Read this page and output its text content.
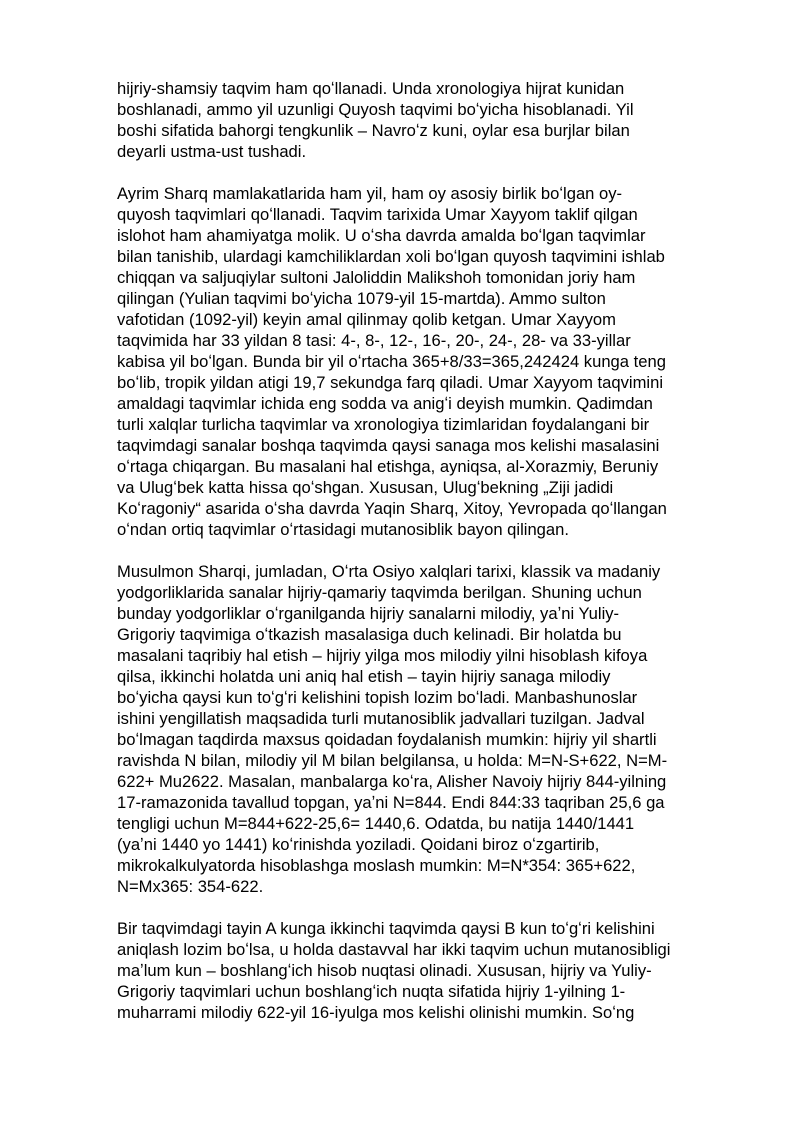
hijriy-shamsiy taqvim ham qoʻllanadi. Unda xronologiya hijrat kunidan
boshlanadi, ammo yil uzunligi Quyosh taqvimi boʻyicha hisoblanadi. Yil
boshi sifatida bahorgi tengkunlik – Navroʻz kuni, oylar esa burjlar bilan
deyarli ustma-ust tushadi.

Ayrim Sharq mamlakatlarida ham yil, ham oy asosiy birlik boʻlgan oy-
quyosh taqvimlari qoʻllanadi. Taqvim tarixida Umar Xayyom taklif qilgan
islohot ham ahamiyatga molik. U oʻsha davrda amalda boʻlgan taqvimlar
bilan tanishib, ulardagi kamchiliklardan xoli boʻlgan quyosh taqvimini ishlab
chiqqan va saljuqiylar sultoni Jaloliddin Malikshoh tomonidan joriy ham
qilingan (Yulian taqvimi boʻyicha 1079-yil 15-martda). Ammo sulton
vafotidan (1092-yil) keyin amal qilinmay qolib ketgan. Umar Xayyom
taqvimida har 33 yildan 8 tasi: 4-, 8-, 12-, 16-, 20-, 24-, 28- va 33-yillar
kabisa yil boʻlgan. Bunda bir yil oʻrtacha 365+8/33=365,242424 kunga teng
boʻlib, tropik yildan atigi 19,7 sekundga farq qiladi. Umar Xayyom taqvimini
amaldagi taqvimlar ichida eng sodda va anigʻi deyish mumkin. Qadimdan
turli xalqlar turlicha taqvimlar va xronologiya tizimlaridan foydalangani bir
taqvimdagi sanalar boshqa taqvimda qaysi sanaga mos kelishi masalasini
oʻrtaga chiqargan. Bu masalani hal etishga, ayniqsa, al-Xorazmiy, Beruniy
va Ulugʻbek katta hissa qoʻshgan. Xususan, Ulugʻbekning „Ziji jadidi
Koʻragoniy“ asarida oʻsha davrda Yaqin Sharq, Xitoy, Yevropada qoʻllangan
oʻndan ortiq taqvimlar oʻrtasidagi mutanosiblik bayon qilingan.

Musulmon Sharqi, jumladan, Oʻrta Osiyo xalqlari tarixi, klassik va madaniy
yodgorliklarida sanalar hijriy-qamariy taqvimda berilgan. Shuning uchun
bunday yodgorliklar oʻrganilganda hijriy sanalarni milodiy, yaʼni Yuliy-
Grigoriy taqvimiga oʻtkazish masalasiga duch kelinadi. Bir holatda bu
masalani taqribiy hal etish – hijriy yilga mos milodiy yilni hisoblash kifoya
qilsa, ikkinchi holatda uni aniq hal etish – tayin hijriy sanaga milodiy
boʻyicha qaysi kun toʻgʻri kelishini topish lozim boʻladi. Manbashunoslar
ishini yengillatish maqsadida turli mutanosiblik jadvallari tuzilgan. Jadval
boʻlmagan taqdirda maxsus qoidadan foydalanish mumkin: hijriy yil shartli
ravishda N bilan, milodiy yil M bilan belgilansa, u holda: M=N-S+622, N=M-
622+ Mu2622. Masalan, manbalarga koʻra, Alisher Navoiy hijriy 844-yilning
17-ramazonida tavallud topgan, yaʼni N=844. Endi 844:33 taqriban 25,6 ga
tengligi uchun M=844+622-25,6= 1440,6. Odatda, bu natija 1440/1441
(yaʼni 1440 yo 1441) koʻrinishda yoziladi. Qoidani biroz oʻzgartirib,
mikrokalkulyatorda hisoblashga moslash mumkin: M=N*354: 365+622,
N=Mx365: 354-622.

Bir taqvimdagi tayin A kunga ikkinchi taqvimda qaysi B kun toʻgʻri kelishini
aniqlash lozim boʻlsa, u holda dastavval har ikki taqvim uchun mutanosibligi
maʼlum kun – boshlangʻich hisob nuqtasi olinadi. Xususan, hijriy va Yuliy-
Grigoriy taqvimlari uchun boshlangʻich nuqta sifatida hijriy 1-yilning 1-
muharrami milodiy 622-yil 16-iyulga mos kelishi olinishi mumkin. Soʻng
